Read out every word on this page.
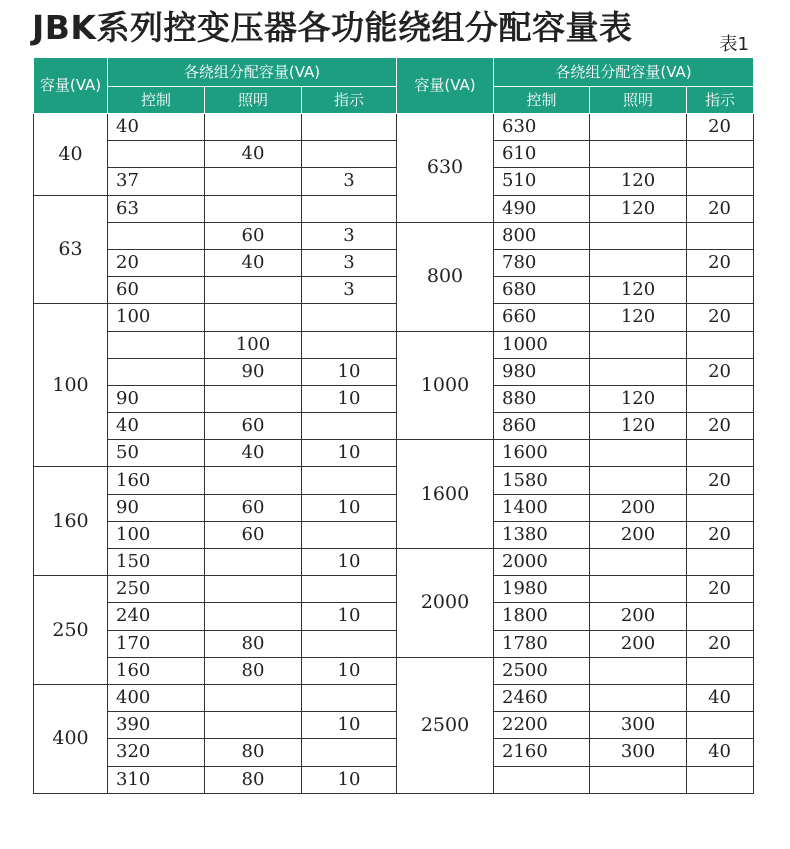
JBK系列控变压器各功能绕组分配容量表	表1
容量(VA)	各绕组分配容量(VA)			容量(VA)	各绕组分配容量(VA)		
	控制	照明	指示		控制	照明	指示
40	40			630	630		20
		40			610		
	37		3		510	120	
63	63				490	120	20
		60	3	800	800		
	20	40	3		780		20
	60		3		680	120	
100	100				660	120	20
		100		1000	1000		
		90	10		980		20
	90		10		880	120	
	40	60			860	120	20
	50	40	10	1600	1600		
160	160				1580		20
	90	60	10		1400	200	
	100	60			1380	200	20
	150		10	2000	2000		
250	250				1980		20
	240		10		1800	200	
	170	80			1780	200	20
	160	80	10	2500	2500		
400	400				2460		40
	390		10		2200	300	
	320	80			2160	300	40
	310	80	10				
